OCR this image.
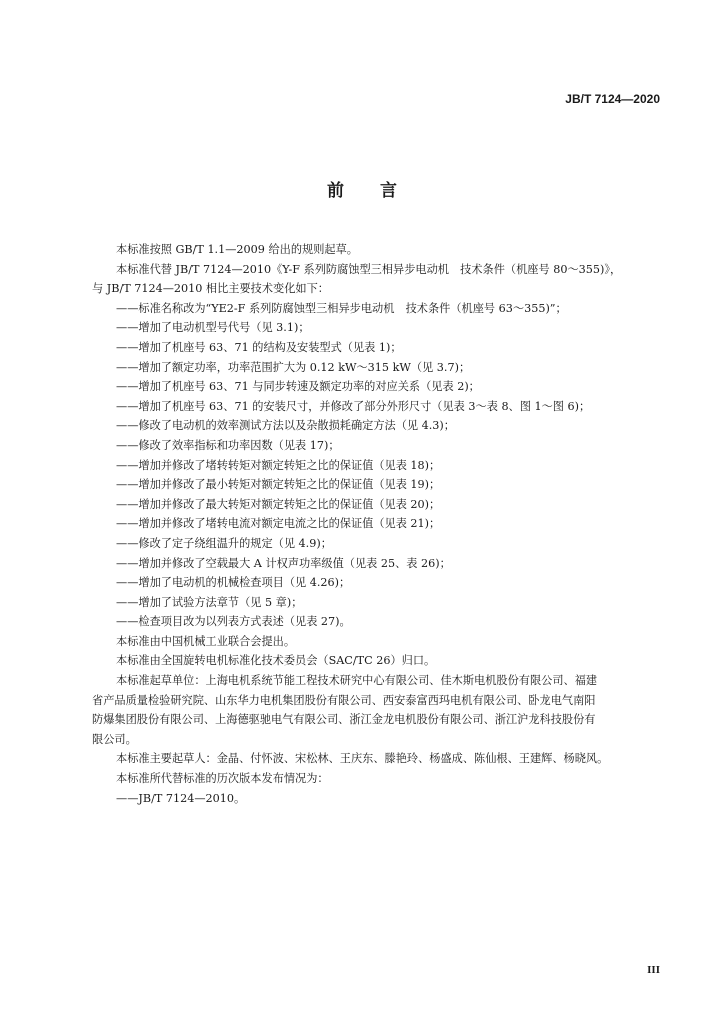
JB/T 7124—2020
前 言

本标准按照 GB/T 1.1—2009 给出的规则起草。

本标准代替 JB/T 7124—2010《Y-F 系列防腐蚀型三相异步电动机　技术条件（机座号 80～355)》，

与 JB/T 7124—2010 相比主要技术变化如下：

——标准名称改为“YE2-F 系列防腐蚀型三相异步电动机　技术条件（机座号 63～355)”；

——增加了电动机型号代号（见 3.1)；

——增加了机座号 63、71 的结构及安装型式（见表 1)；

——增加了额定功率，功率范围扩大为 0.12 kW～315 kW（见 3.7)；

——增加了机座号 63、71 与同步转速及额定功率的对应关系（见表 2)；

——增加了机座号 63、71 的安装尺寸，并修改了部分外形尺寸（见表 3～表 8、图 1～图 6)；

——修改了电动机的效率测试方法以及杂散损耗确定方法（见 4.3)；

——修改了效率指标和功率因数（见表 17)；

——增加并修改了堵转转矩对额定转矩之比的保证值（见表 18)；

——增加并修改了最小转矩对额定转矩之比的保证值（见表 19)；

——增加并修改了最大转矩对额定转矩之比的保证值（见表 20)；

——增加并修改了堵转电流对额定电流之比的保证值（见表 21)；

——修改了定子绕组温升的规定（见 4.9)；

——增加并修改了空载最大 A 计权声功率级值（见表 25、表 26)；

——增加了电动机的机械检查项目（见 4.26)；

——增加了试验方法章节（见 5 章)；

——检查项目改为以列表方式表述（见表 27)。

本标准由中国机械工业联合会提出。

本标准由全国旋转电机标准化技术委员会（SAC/TC 26）归口。

本标准起草单位：上海电机系统节能工程技术研究中心有限公司、佳木斯电机股份有限公司、福建

省产品质量检验研究院、山东华力电机集团股份有限公司、西安泰富西玛电机有限公司、卧龙电气南阳

防爆集团股份有限公司、上海德驱驰电气有限公司、浙江金龙电机股份有限公司、浙江沪龙科技股份有

限公司。

本标准主要起草人：金晶、付怀波、宋松林、王庆东、滕艳玲、杨盛成、陈仙根、王建辉、杨晓风。

本标准所代替标准的历次版本发布情况为：

——JB/T 7124—2010。

III
